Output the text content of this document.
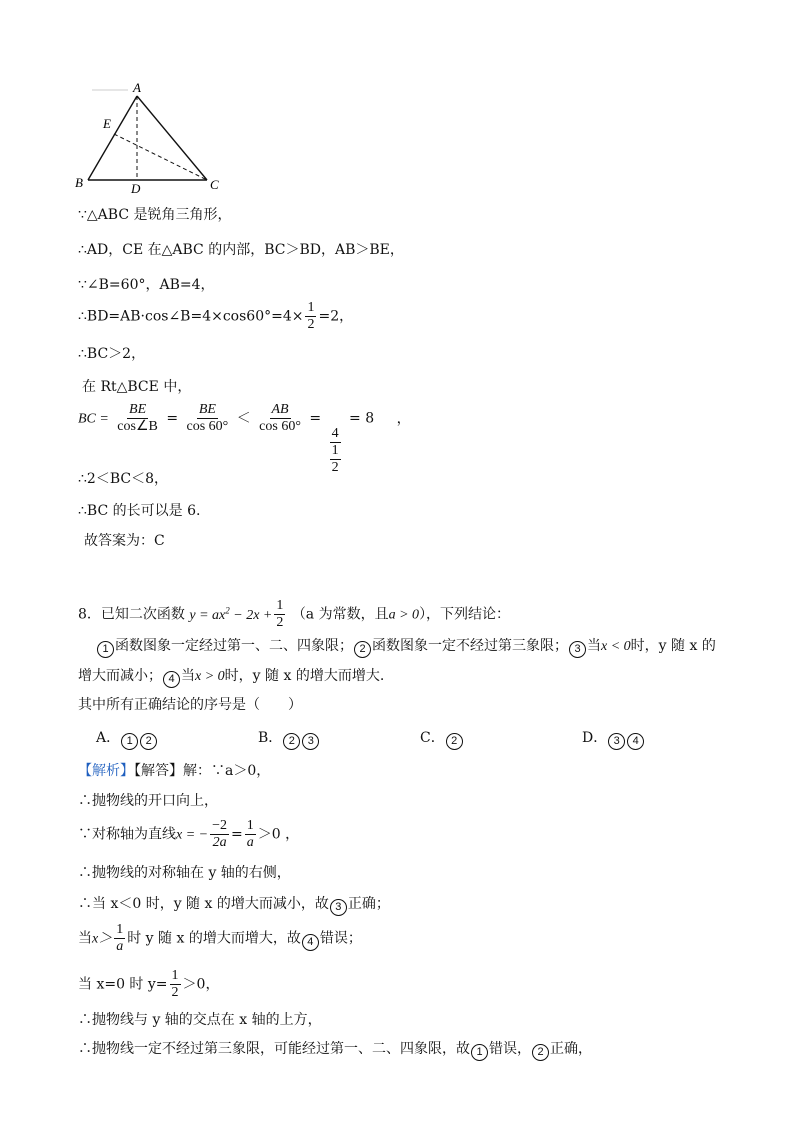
A
E
B	D	C
∵△ABC 是锐角三角形，
∴AD，CE 在△ABC 的内部，BC＞BD，AB＞BE，
∵∠B=60°，AB=4，
∴BD=AB·cos∠B=4×cos60°=4× $\frac{1}{2} =2$，
∴BC＞2，
在 Rt△BCE 中，
BC = $\frac{BE}{\cos\angle B} = \frac{BE}{\cos 60^\circ} < \frac{AB}{\cos 60^\circ}$ =
$\frac{4}{\frac{1}{2}}$
= 8 ，
∴2＜BC＜8，
∴BC 的长可以是 6.
故答案为：C
8．已知二次函数 $y = ax^2 - 2x + \frac{1}{2} (a$ 为常数，且a > 0），下列结论：
1 函数图象一定经过第一、二、四象限； 2 函数图象一定不经过第三象限； 3 当x < 0时，y 随 x 的
增大而减小； 4 当x > 0时，y 随 x 的增大而增大.
其中所有正确结论的序号是（　　）
A． 1 2	B． 2 3	C． 2	D． 3 4
【解析】【解答】解：∵a＞0，
∴抛物线的开口向上，
∵对称轴为直线x = − $\frac{-2}{2a} = \frac{1}{a} >0$ ，
∴抛物线的对称轴在 y 轴的右侧，
∴当 x＜0 时，y 随 x 的增大而减小，故 3 正确；
当$x> \frac{1}{a}$ 时 y 随 x 的增大而增大，故 4 错误；
当 x=0 时 $y= \frac{1}{2} >0$，
∴抛物线与 y 轴的交点在 x 轴的上方，
∴抛物线一定不经过第三象限，可能经过第一、二、四象限，故 1 错误， 2 正确，
